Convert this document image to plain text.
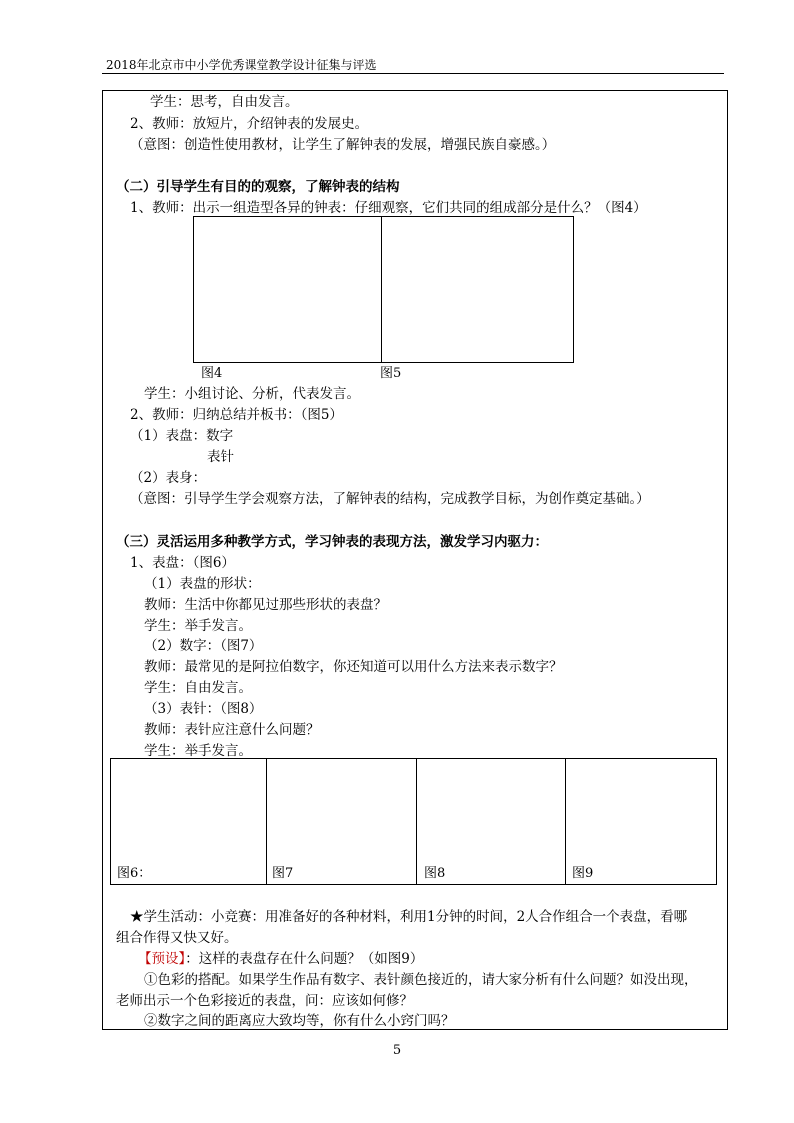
2018年北京市中小学优秀课堂教学设计征集与评选
学生：思考，自由发言。
2、教师：放短片，介绍钟表的发展史。
（意图：创造性使用教材，让学生了解钟表的发展，增强民族自豪感。）
（二）引导学生有目的的观察，了解钟表的结构
1、教师：出示一组造型各异的钟表：仔细观察，它们共同的组成部分是什么？（图4）
图4	图5
学生：小组讨论、分析，代表发言。
2、教师：归纳总结并板书：（图5）
（1）表盘：数字
表针
（2）表身：
（意图：引导学生学会观察方法，了解钟表的结构，完成教学目标，为创作奠定基础。）
（三）灵活运用多种教学方式，学习钟表的表现方法，激发学习内驱力：
1、表盘：（图6）
（1）表盘的形状：
教师：生活中你都见过那些形状的表盘？
学生：举手发言。
（2）数字：（图7）
教师：最常见的是阿拉伯数字，你还知道可以用什么方法来表示数字？
学生：自由发言。
（3）表针：（图8）
教师：表针应注意什么问题？
学生：举手发言。
图6：	图7	图8	图9
★学生活动：小竞赛：用准备好的各种材料，利用1分钟的时间，2人合作组合一个表盘，看哪
组合作得又快又好。
【预设】：这样的表盘存在什么问题？（如图9）
①色彩的搭配。如果学生作品有数字、表针颜色接近的，请大家分析有什么问题？如没出现，
老师出示一个色彩接近的表盘，问：应该如何修？
②数字之间的距离应大致均等，你有什么小窍门吗？
5
